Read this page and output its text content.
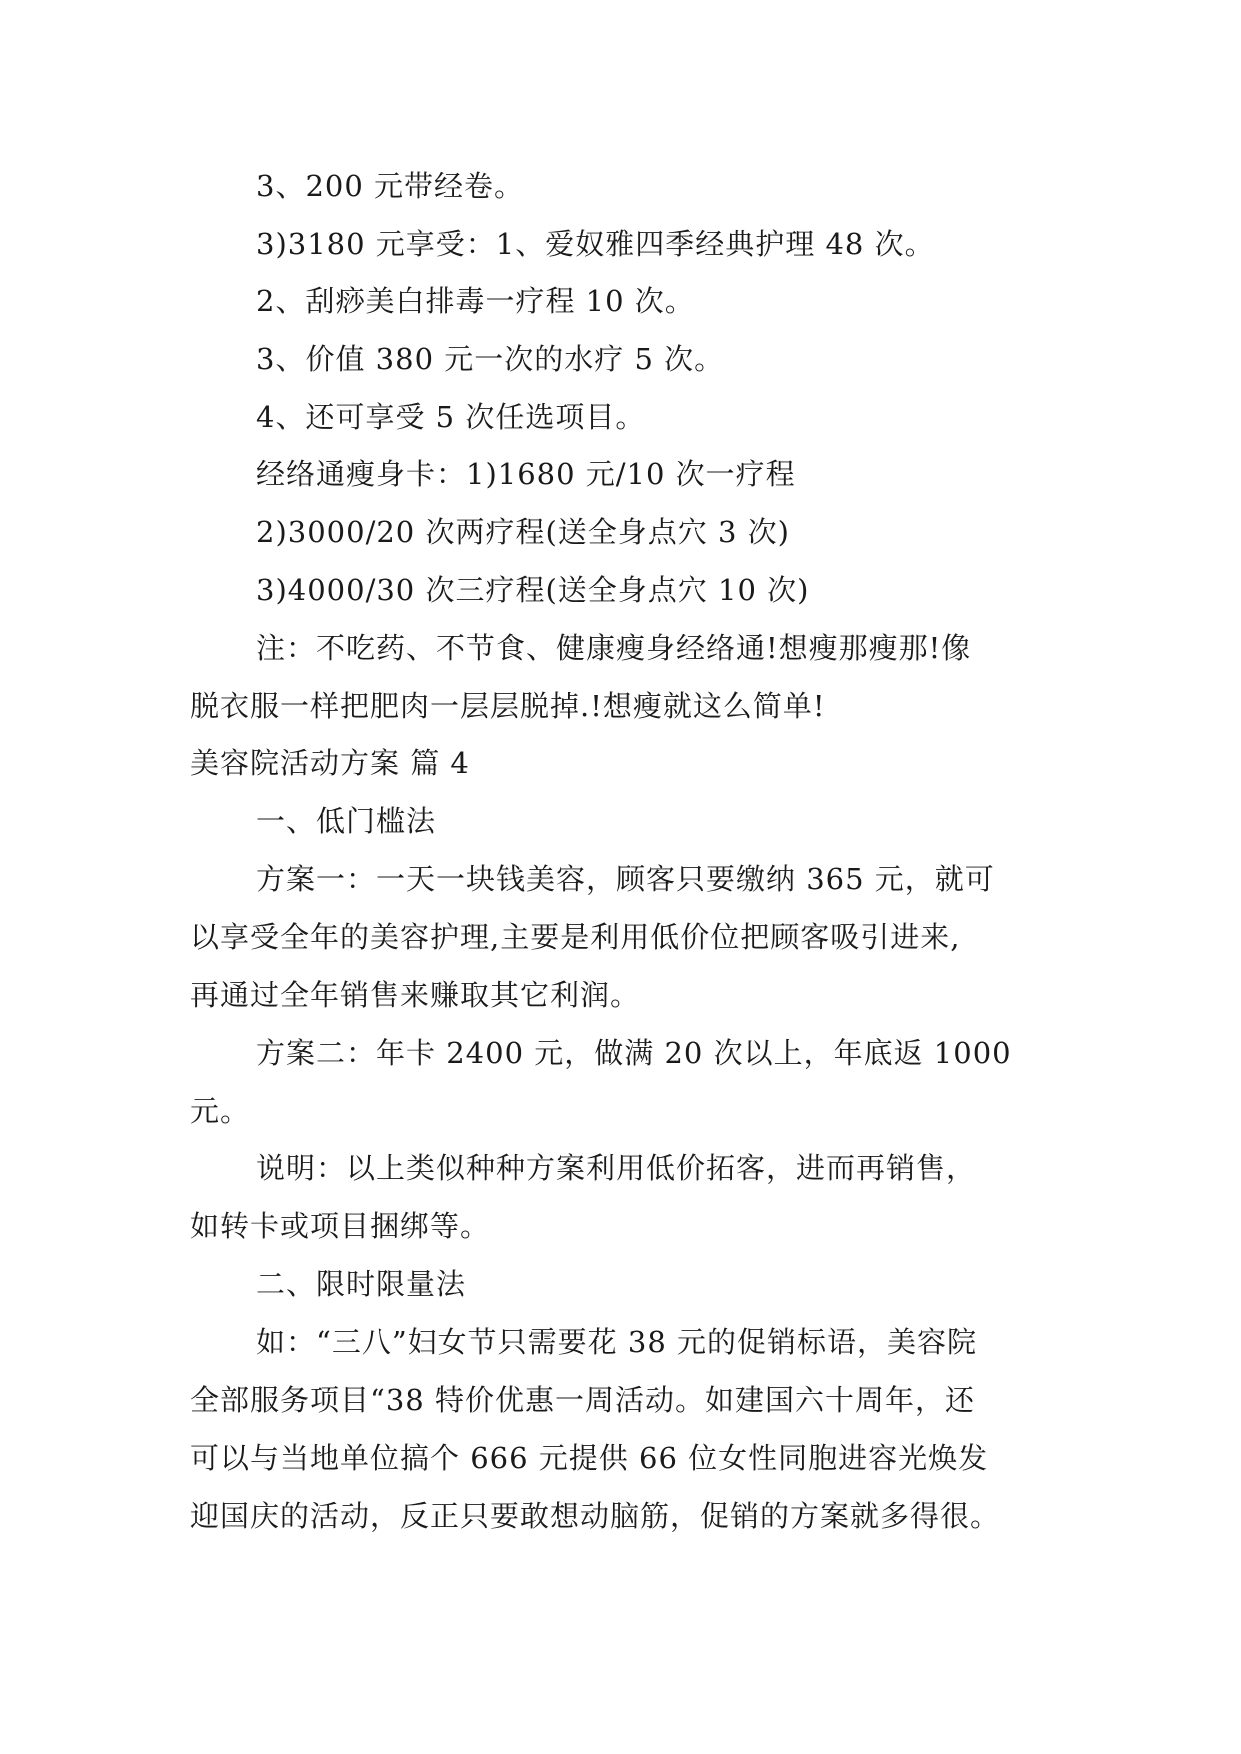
3、200 元带经卷。
3)3180 元享受：1、爱奴雅四季经典护理 48 次。
2、刮痧美白排毒一疗程 10 次。
3、价值 380 元一次的水疗 5 次。
4、还可享受 5 次任选项目。
经络通瘦身卡：1)1680 元/10 次一疗程
2)3000/20 次两疗程(送全身点穴 3 次)
3)4000/30 次三疗程(送全身点穴 10 次)
注：不吃药、不节食、健康瘦身经络通!想瘦那瘦那!像
脱衣服一样把肥肉一层层脱掉.!想瘦就这么简单!
美容院活动方案 篇 4
一、低门槛法
方案一：一天一块钱美容，顾客只要缴纳 365 元，就可
以享受全年的美容护理,主要是利用低价位把顾客吸引进来,
再通过全年销售来赚取其它利润。
方案二：年卡 2400 元，做满 20 次以上，年底返 1000
元。
说明：以上类似种种方案利用低价拓客，进而再销售，
如转卡或项目捆绑等。
二、限时限量法
如：“三八”妇女节只需要花 38 元的促销标语，美容院
全部服务项目“38 特价优惠一周活动。如建国六十周年，还
可以与当地单位搞个 666 元提供 66 位女性同胞进容光焕发
迎国庆的活动，反正只要敢想动脑筋，促销的方案就多得很。
